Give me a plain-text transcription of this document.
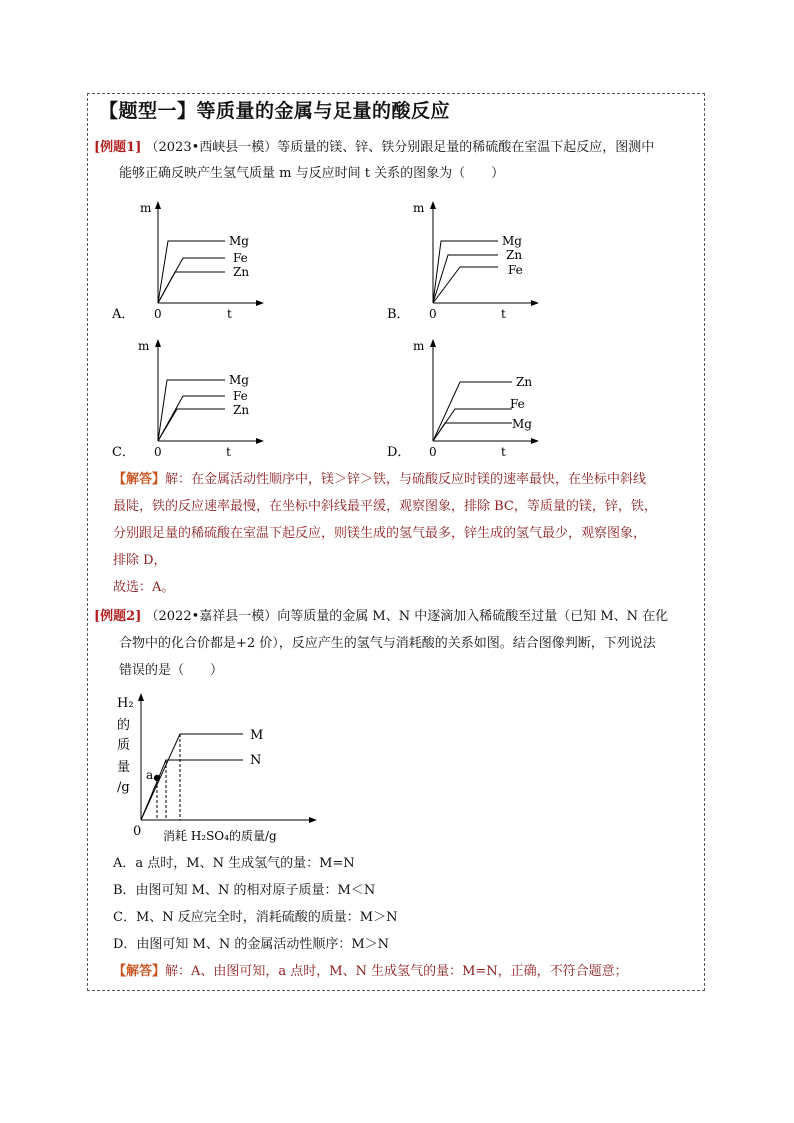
【题型一】等质量的金属与足量的酸反应
[例题1] （2023•西峡县一模）等质量的镁、锌、铁分别跟足量的稀硫酸在室温下起反应，图测中
能够正确反映产生氢气质量 m 与反应时间 t 关系的图象为（　　）
A．
m
0	t
Mg
Fe
Zn
B．
m
0	t
Mg
Zn
Fe
C．
m
0	t
Mg
Fe
Zn
D．
m
0	t
Zn
Fe
Mg
【解答】解：在金属活动性顺序中，镁＞锌＞铁，与硫酸反应时镁的速率最快，在坐标中斜线
最陡，铁的反应速率最慢，在坐标中斜线最平缓，观察图象，排除 BC，等质量的镁，锌，铁，
分别跟足量的稀硫酸在室温下起反应，则镁生成的氢气最多，锌生成的氢气最少，观察图象，
排除 D，
故选：A。
[例题2] （2022•嘉祥县一模）向等质量的金属 M、N 中逐滴加入稀硫酸至过量（已知 M、N 在化
合物中的化合价都是+2 价），反应产生的氢气与消耗酸的关系如图。结合图像判断，下列说法
错误的是（　　）
H₂
的
质
量
/g
0
a
M
N
消耗 H₂SO₄的质量/g
A．a 点时，M、N 生成氢气的量：M=N
B．由图可知 M、N 的相对原子质量：M＜N
C．M、N 反应完全时，消耗硫酸的质量：M＞N
D．由图可知 M、N 的金属活动性顺序：M＞N
【解答】解：A、由图可知，a 点时，M、N 生成氢气的量：M=N，正确，不符合题意；
